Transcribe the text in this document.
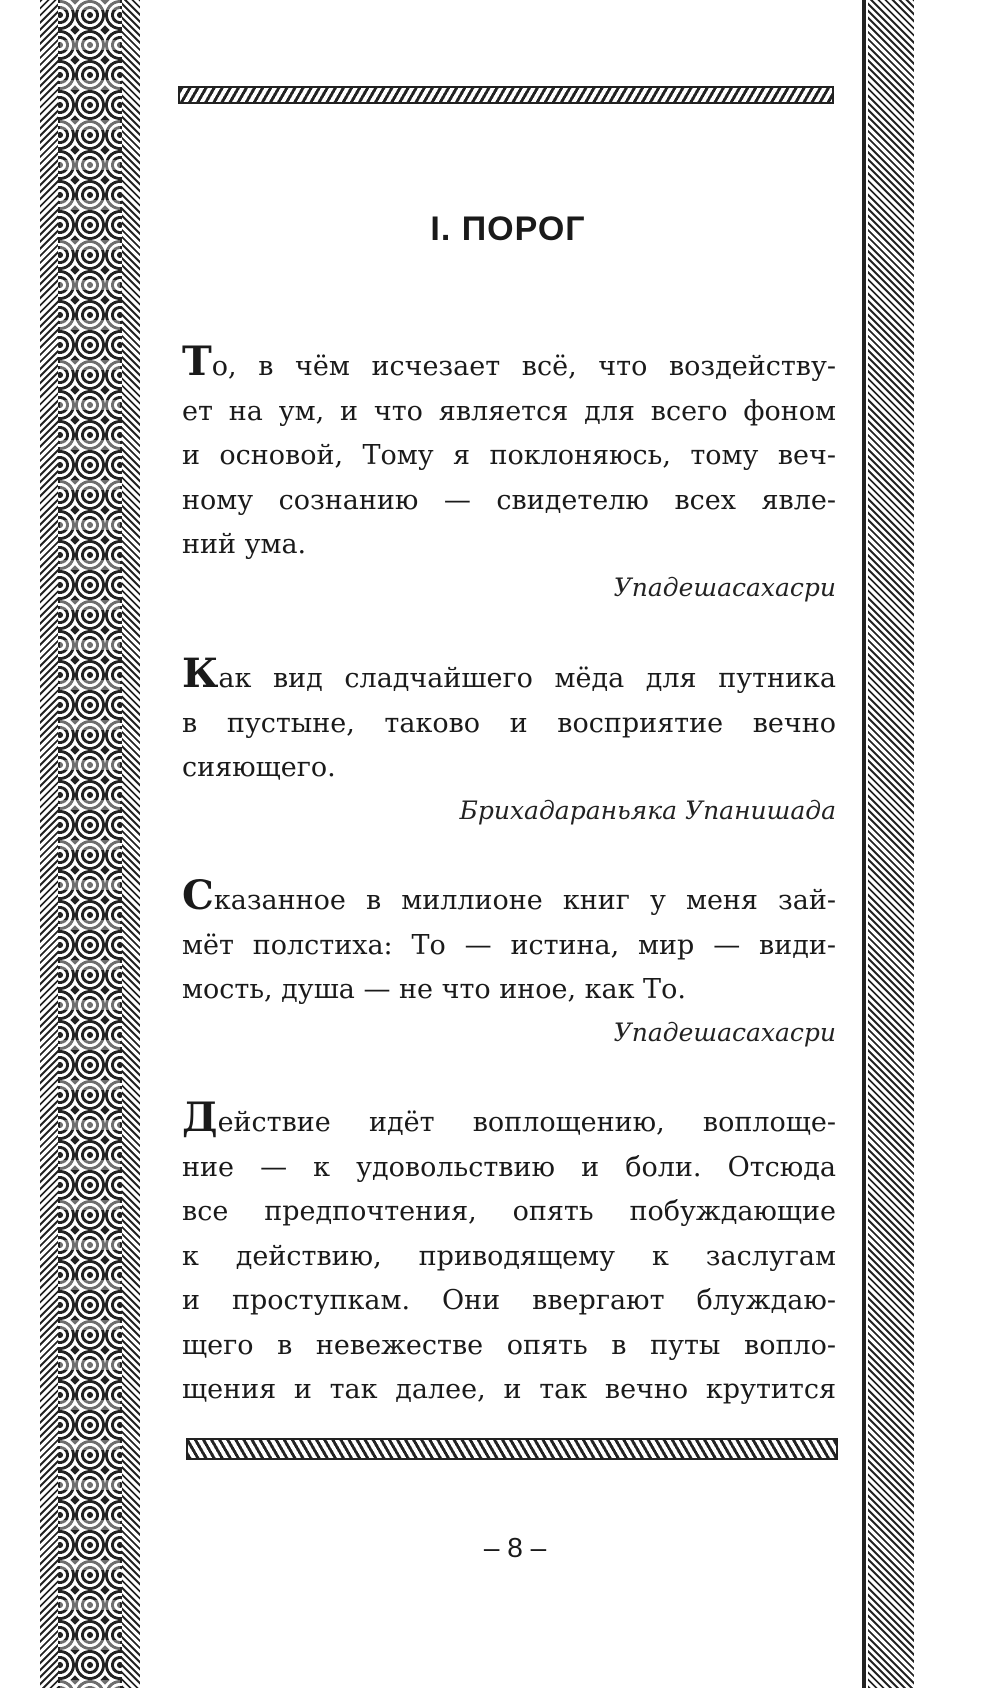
I. ПОРОГ
То, в чём исчезает всё, что воздейству-
ет на ум, и что является для всего фоном
и основой, Тому я поклоняюсь, тому веч-
ному сознанию — свидетелю всех явле-
ний ума.
Упадешасахасри
Как вид сладчайшего мёда для путника
в пустыне, таково и восприятие вечно
сияющего.
Брихадараньяка Упанишада
Сказанное в миллионе книг у меня зай-
мёт полстиха: То — истина, мир — види-
мость, душа — не что иное, как То.
Упадешасахасри
Действие идёт воплощению, воплоще-
ние — к удовольствию и боли. Отсюда
все предпочтения, опять побуждающие
к действию, приводящему к заслугам
и проступкам. Они ввергают блуждаю-
щего в невежестве опять в путы вопло-
щения и так далее, и так вечно крутится
– 8 –
